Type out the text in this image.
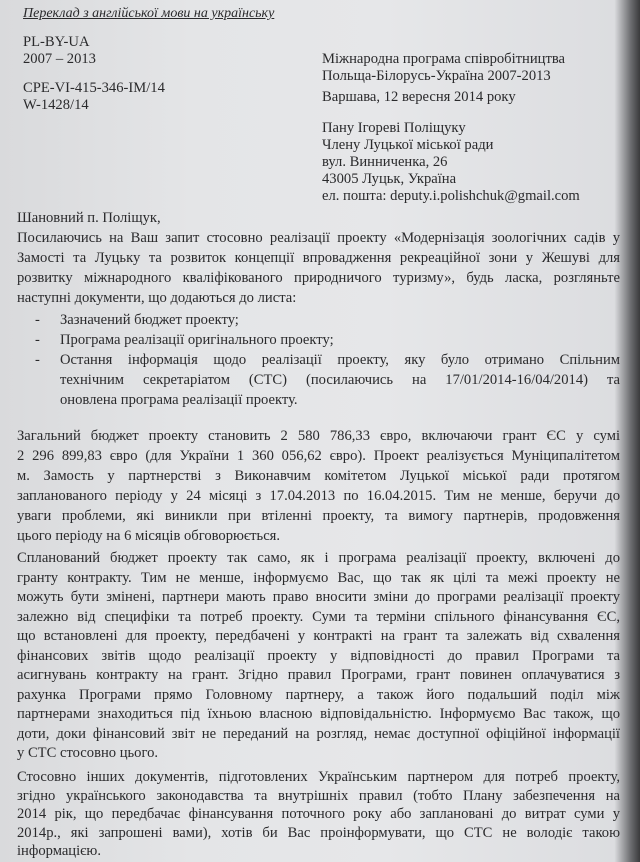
Переклад з англійської мови на українську
PL-BY-UA
2007 – 2013
CPE-VI-415-346-IM/14
W-1428/14
Міжнародна програма співробітництва
Польща-Білорусь-Україна 2007-2013
Варшава, 12 вересня 2014 року
Пану Ігореві Поліщуку
Члену Луцької міської ради
вул. Винниченка, 26
43005 Луцьк, Україна
ел. пошта: deputy.i.polishchuk@gmail.com
Шановний п. Поліщук,
Посилаючись на Ваш запит стосовно реалізації проекту «Модернізація зоологічних садів у
Замості та Луцьку та розвиток концепції впровадження рекреаційної зони у Жешуві для
розвитку міжнародного кваліфікованого природничого туризму», будь ласка, розгляньте
наступні документи, що додаються до листа:
- Зазначений бюджет проекту;
- Програма реалізації оригінального проекту;
- Остання інформація щодо реалізації проекту, яку було отримано Спільним
технічним секретаріатом (СТС) (посилаючись на 17/01/2014-16/04/2014) та
оновлена програма реалізації проекту.
Загальний бюджет проекту становить 2 580 786,33 євро, включаючи грант ЄС у сумі
2 296 899,83 євро (для України 1 360 056,62 євро). Проект реалізується Муніципалітетом
м. Замость у партнерстві з Виконавчим комітетом Луцької міської ради протягом
запланованого періоду у 24 місяці з 17.04.2013 по 16.04.2015. Тим не менше, беручи до
уваги проблеми, які виникли при втіленні проекту, та вимогу партнерів, продовження
цього періоду на 6 місяців обговорюється.
Спланований бюджет проекту так само, як і програма реалізації проекту, включені до
гранту контракту. Тим не менше, інформуємо Вас, що так як цілі та межі проекту не
можуть бути змінені, партнери мають право вносити зміни до програми реалізації проекту
залежно від специфіки та потреб проекту. Суми та терміни спільного фінансування ЄС,
що встановлені для проекту, передбачені у контракті на грант та залежать від схвалення
фінансових звітів щодо реалізації проекту у відповідності до правил Програми та
асигнувань контракту на грант. Згідно правил Програми, грант повинен оплачуватися з
рахунка Програми прямо Головному партнеру, а також його подальший поділ між
партнерами знаходиться під їхньою власною відповідальністю. Інформуємо Вас також, що
доти, доки фінансовий звіт не переданий на розгляд, немає доступної офіційної інформації
у СТС стосовно цього.
Стосовно інших документів, підготовлених Українським партнером для потреб проекту,
згідно українського законодавства та внутрішніх правил (тобто Плану забезпечення на
2014 рік, що передбачає фінансування поточного року або заплановані до витрат суми у
2014р., які запрошені вами), хотів би Вас проінформувати, що СТС не володіє такою
інформацією.
